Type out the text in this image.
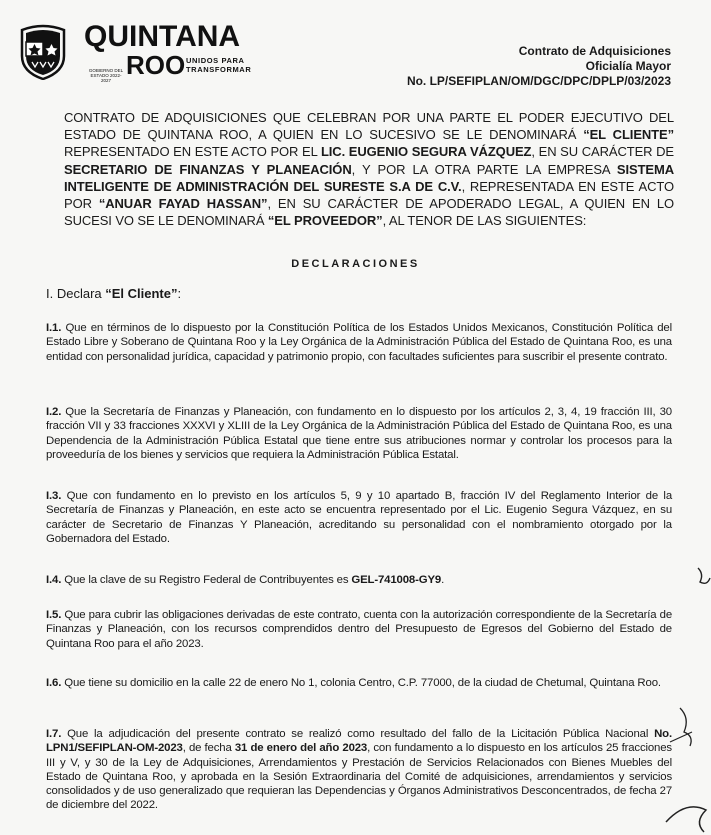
QUINTANA
ROO UNIDOS PARA TRANSFORMAR
GOBIERNO DEL ESTADO 2022-2027
Contrato de Adquisiciones
Oficialía Mayor
No. LP/SEFIPLAN/OM/DGC/DPC/DPLP/03/2023
CONTRATO DE ADQUISICIONES QUE CELEBRAN POR UNA PARTE EL PODER EJECUTIVO DEL ESTADO DE QUINTANA ROO, A QUIEN EN LO SUCESIVO SE LE DENOMINARÁ “EL CLIENTE” REPRESENTADO EN ESTE ACTO POR EL LIC. EUGENIO SEGURA VÁZQUEZ, EN SU CARÁCTER DE SECRETARIO DE FINANZAS Y PLANEACIÓN, Y POR LA OTRA PARTE LA EMPRESA SISTEMA INTELIGENTE DE ADMINISTRACIÓN DEL SURESTE S.A DE C.V., REPRESENTADA EN ESTE ACTO POR “ANUAR FAYAD HASSAN”, EN SU CARÁCTER DE APODERADO LEGAL, A QUIEN EN LO SUCESI VO SE LE DENOMINARÁ “EL PROVEEDOR”, AL TENOR DE LAS SIGUIENTES:
DECLARACIONES
I. Declara “El Cliente”:
I.1. Que en términos de lo dispuesto por la Constitución Política de los Estados Unidos Mexicanos, Constitución Política del Estado Libre y Soberano de Quintana Roo y la Ley Orgánica de la Administración Pública del Estado de Quintana Roo, es una entidad con personalidad jurídica, capacidad y patrimonio propio, con facultades suficientes para suscribir el presente contrato.
I.2. Que la Secretaría de Finanzas y Planeación, con fundamento en lo dispuesto por los artículos 2, 3, 4, 19 fracción III, 30 fracción VII y 33 fracciones XXXVI y XLIII de la Ley Orgánica de la Administración Pública del Estado de Quintana Roo, es una Dependencia de la Administración Pública Estatal que tiene entre sus atribuciones normar y controlar los procesos para la proveeduría de los bienes y servicios que requiera la Administración Pública Estatal.
I.3. Que con fundamento en lo previsto en los artículos 5, 9 y 10 apartado B, fracción IV del Reglamento Interior de la Secretaría de Finanzas y Planeación, en este acto se encuentra representado por el Lic. Eugenio Segura Vázquez, en su carácter de Secretario de Finanzas Y Planeación, acreditando su personalidad con el nombramiento otorgado por la Gobernadora del Estado.
I.4. Que la clave de su Registro Federal de Contribuyentes es GEL-741008-GY9.
I.5. Que para cubrir las obligaciones derivadas de este contrato, cuenta con la autorización correspondiente de la Secretaría de Finanzas y Planeación, con los recursos comprendidos dentro del Presupuesto de Egresos del Gobierno del Estado de Quintana Roo para el año 2023.
I.6. Que tiene su domicilio en la calle 22 de enero No 1, colonia Centro, C.P. 77000, de la ciudad de Chetumal, Quintana Roo.
I.7. Que la adjudicación del presente contrato se realizó como resultado del fallo de la Licitación Pública Nacional No. LPN1/SEFIPLAN-OM-2023, de fecha 31 de enero del año 2023, con fundamento a lo dispuesto en los artículos 25 fracciones III y V, y 30 de la Ley de Adquisiciones, Arrendamientos y Prestación de Servicios Relacionados con Bienes Muebles del Estado de Quintana Roo, y aprobada en la Sesión Extraordinaria del Comité de adquisiciones, arrendamientos y servicios consolidados y de uso generalizado que requieran las Dependencias y Órganos Administrativos Desconcentrados, de fecha 27 de diciembre del 2022.
